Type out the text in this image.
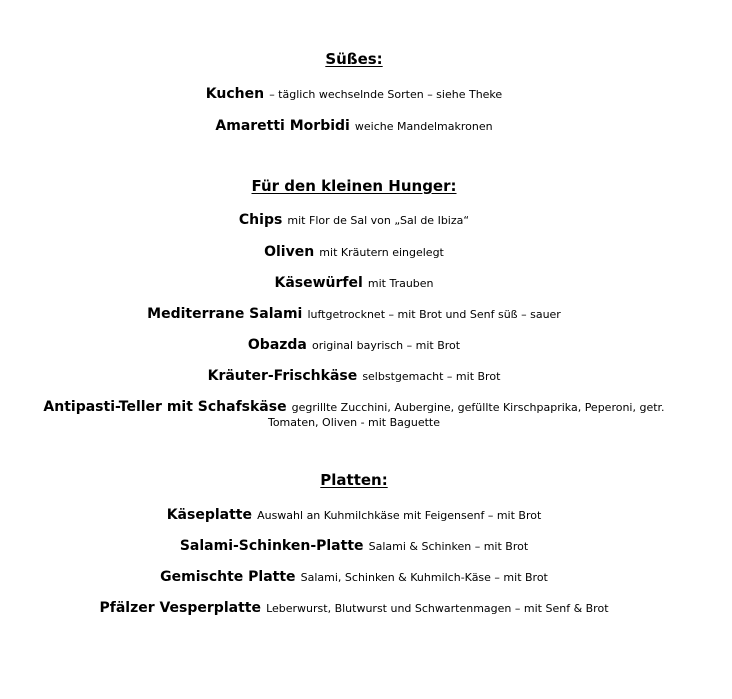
Süßes:
Kuchen – täglich wechselnde Sorten – siehe Theke
Amaretti Morbidi weiche Mandelmakronen
Für den kleinen Hunger:
Chips mit Flor de Sal von „Sal de Ibiza“
Oliven mit Kräutern eingelegt
Käsewürfel mit Trauben
Mediterrane Salami luftgetrocknet – mit Brot und Senf süß – sauer
Obazda original bayrisch – mit Brot
Kräuter-Frischkäse selbstgemacht – mit Brot
Antipasti-Teller mit Schafskäse gegrillte Zucchini, Aubergine, gefüllte Kirschpaprika, Peperoni, getr.
Tomaten, Oliven - mit Baguette
Platten:
Käseplatte Auswahl an Kuhmilchkäse mit Feigensenf – mit Brot
Salami-Schinken-Platte Salami & Schinken – mit Brot
Gemischte Platte Salami, Schinken & Kuhmilch-Käse – mit Brot
Pfälzer Vesperplatte Leberwurst, Blutwurst und Schwartenmagen – mit Senf & Brot
